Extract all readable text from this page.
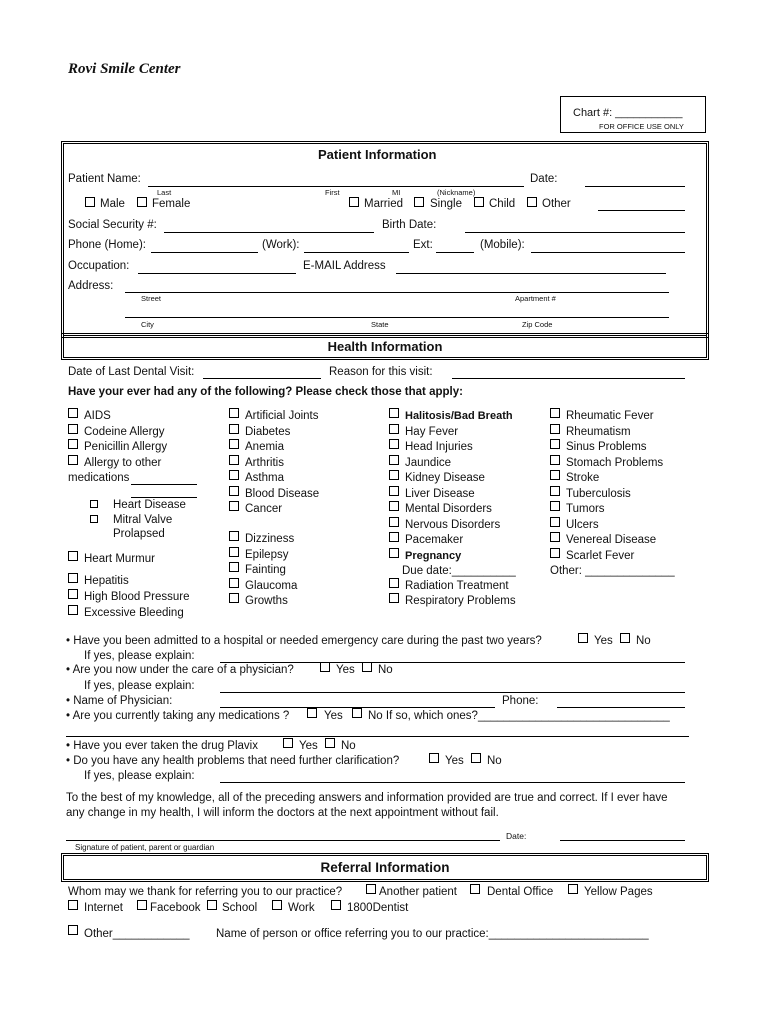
Rovi Smile Center
Chart #: ___________
FOR OFFICE USE ONLY
Patient Information
Patient Name:	Date:
Last	First	MI	(Nickname)
Male Female	Married Single Child Other
Social Security #:	Birth Date:
Phone (Home):	(Work):	Ext:	(Mobile):
Occupation:	E-MAIL Address
Address:
Street	Apartment #
City	State	Zip Code
Health Information
Date of Last Dental Visit:	Reason for this visit:
Have your ever had any of the following? Please check those that apply:
AIDS
Codeine Allergy
Penicillin Allergy
Allergy to other
medications
Heart Disease
Mitral Valve
Prolapsed
Heart Murmur
Hepatitis
High Blood Pressure
Excessive Bleeding
Artificial Joints
Diabetes
Anemia
Arthritis
Asthma
Blood Disease
Cancer
Dizziness
Epilepsy
Fainting
Glaucoma
Growths
Halitosis/Bad Breath
Hay Fever
Head Injuries
Jaundice
Kidney Disease
Liver Disease
Mental Disorders
Nervous Disorders
Pacemaker
Pregnancy
Due date:__________
Radiation Treatment
Respiratory Problems
Rheumatic Fever
Rheumatism
Sinus Problems
Stomach Problems
Stroke
Tuberculosis
Tumors
Ulcers
Venereal Disease
Scarlet Fever
Other: ______________
• Have you been admitted to a hospital or needed emergency care during the past two years?	Yes No
If yes, please explain:
• Are you now under the care of a physician?	Yes No
If yes, please explain:
• Name of Physician:	Phone:
• Are you currently taking any medications ?	Yes No If so, which ones?______________________________
• Have you ever taken the drug Plavix	Yes No
• Do you have any health problems that need further clarification?	Yes No
If yes, please explain:
To the best of my knowledge, all of the preceding answers and information provided are true and correct. If I ever have
any change in my health, I will inform the doctors at the next appointment without fail.
Date:
Signature of patient, parent or guardian
Referral Information
Whom may we thank for referring you to our practice?	Another patient	Dental Office	Yellow Pages
Internet Facebook School	Work	1800Dentist
Other____________ Name of person or office referring you to our practice:_________________________
